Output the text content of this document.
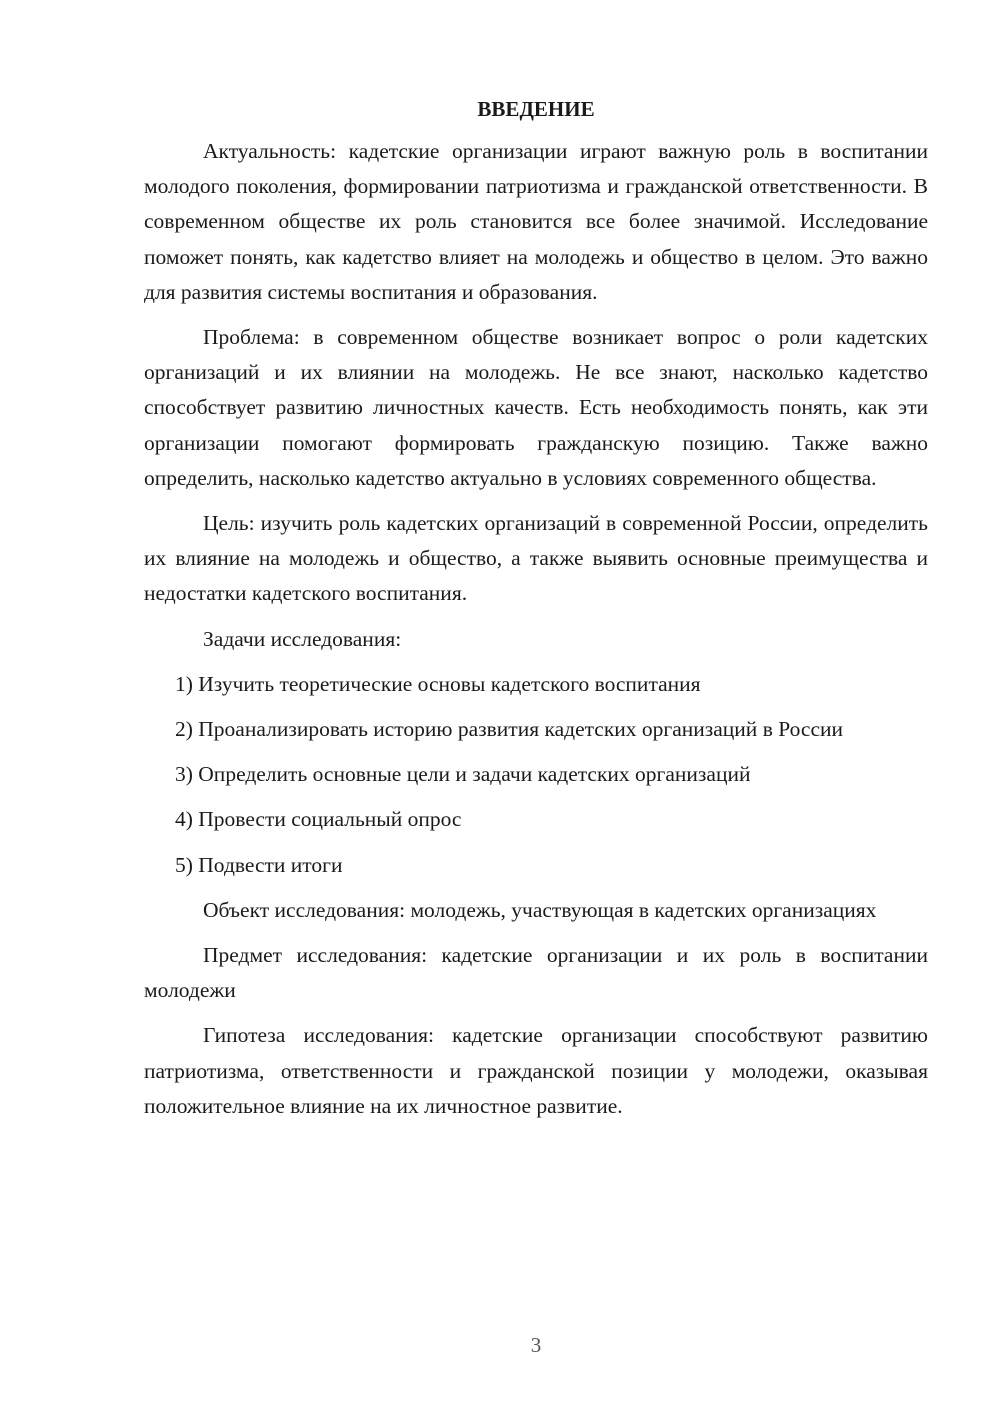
ВВЕДЕНИЕ

Актуальность: кадетские организации играют важную роль в воспитании молодого поколения, формировании патриотизма и гражданской ответственности. В современном обществе их роль становится все более значимой. Исследование поможет понять, как кадетство влияет на молодежь и общество в целом. Это важно для развития системы воспитания и образования.

Проблема: в современном обществе возникает вопрос о роли кадетских организаций и их влиянии на молодежь. Не все знают, насколько кадетство способствует развитию личностных качеств. Есть необходимость понять, как эти организации помогают формировать гражданскую позицию. Также важно определить, насколько кадетство актуально в условиях современного общества.

Цель: изучить роль кадетских организаций в современной России, определить их влияние на молодежь и общество, а также выявить основные преимущества и недостатки кадетского воспитания.

Задачи исследования:

1) Изучить теоретические основы кадетского воспитания

2) Проанализировать историю развития кадетских организаций в России

3) Определить основные цели и задачи кадетских организаций

4) Провести социальный опрос

5) Подвести итоги

Объект исследования: молодежь, участвующая в кадетских организациях

Предмет исследования: кадетские организации и их роль в воспитании молодежи

Гипотеза исследования: кадетские организации способствуют развитию патриотизма, ответственности и гражданской позиции у молодежи, оказывая положительное влияние на их личностное развитие.

3
